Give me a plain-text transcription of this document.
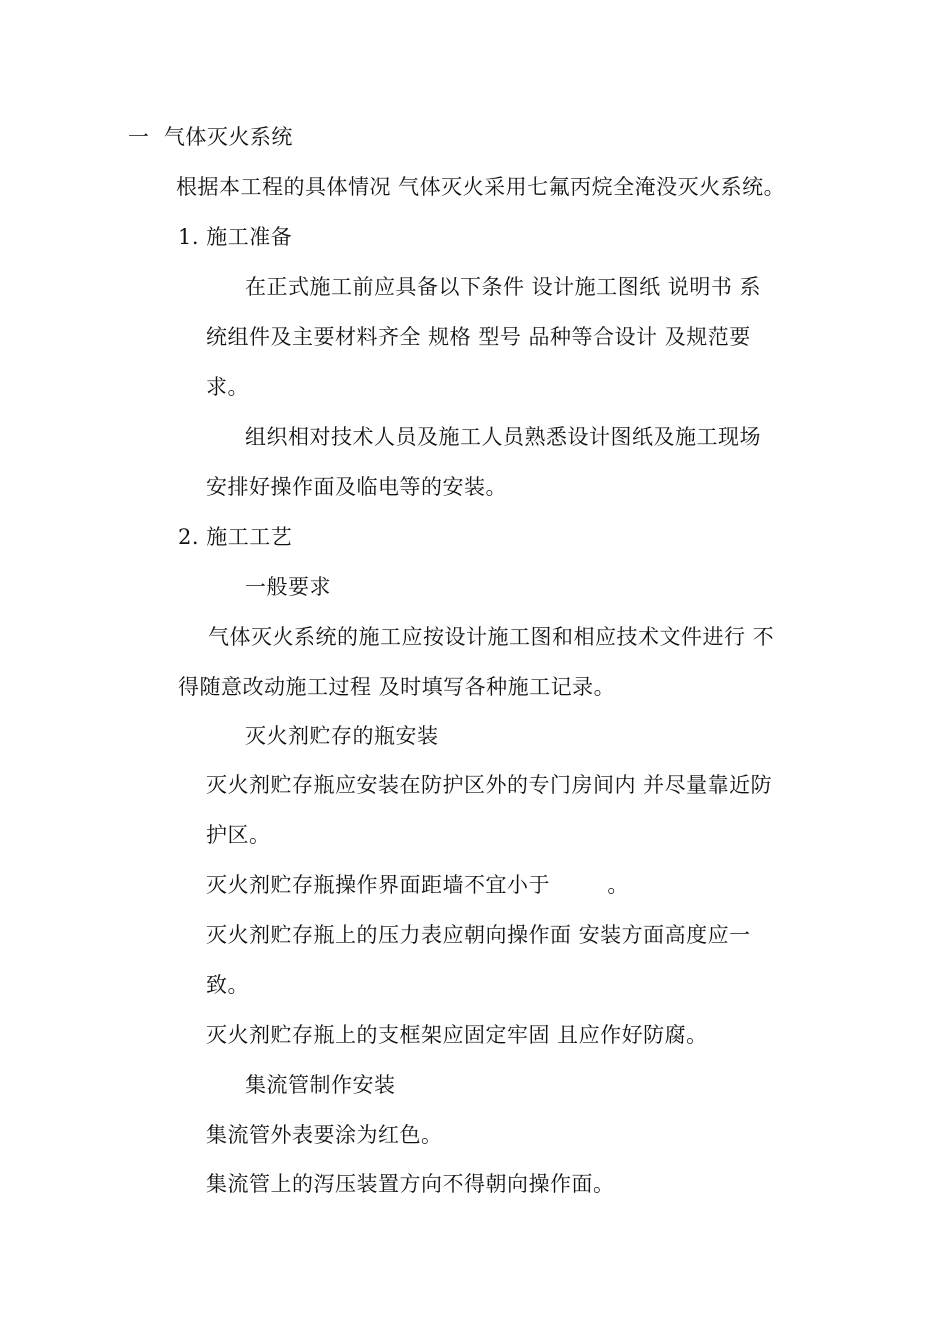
一  气体灭火系统
根据本工程的具体情况 气体灭火采用七氟丙烷全淹没灭火系统。
1. 施工准备
在正式施工前应具备以下条件 设计施工图纸 说明书 系
统组件及主要材料齐全 规格 型号 品种等合设计 及规范要
求。
组织相对技术人员及施工人员熟悉设计图纸及施工现场
安排好操作面及临电等的安装。
2. 施工工艺
一般要求
气体灭火系统的施工应按设计施工图和相应技术文件进行 不
得随意改动施工过程 及时填写各种施工记录。
灭火剂贮存的瓶安装
灭火剂贮存瓶应安装在防护区外的专门房间内 并尽量靠近防
护区。
灭火剂贮存瓶操作界面距墙不宜小于        。
灭火剂贮存瓶上的压力表应朝向操作面 安装方面高度应一
致。
灭火剂贮存瓶上的支框架应固定牢固 且应作好防腐。
集流管制作安装
集流管外表要涂为红色。
集流管上的泻压装置方向不得朝向操作面。
